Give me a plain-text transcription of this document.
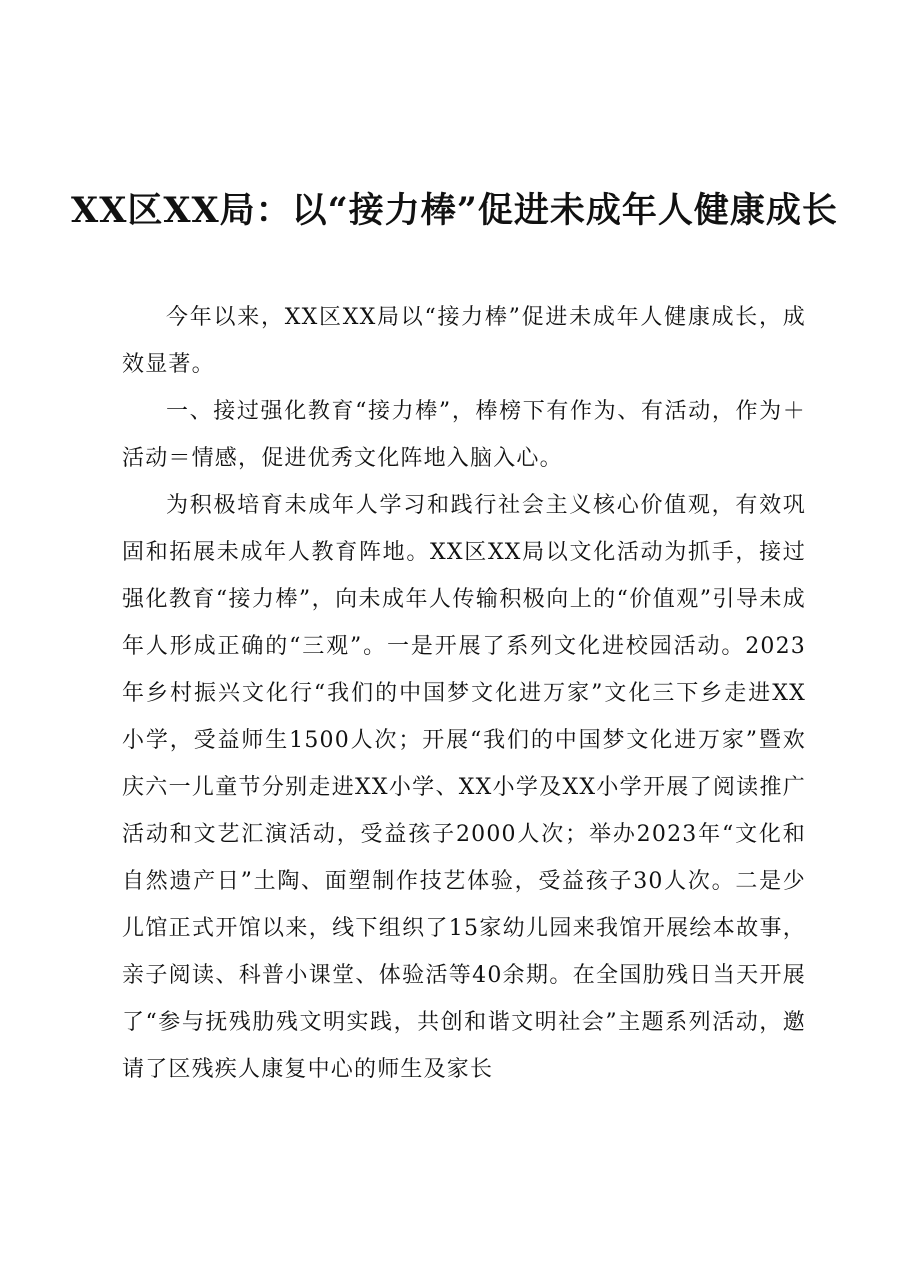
XX区XX局：以“接力棒”促进未成年人健康成长

今年以来，XX区XX局以“接力棒”促进未成年人健康成长，成效显著。

一、接过强化教育“接力棒”，棒榜下有作为、有活动，作为＋活动＝情感，促进优秀文化阵地入脑入心。

为积极培育未成年人学习和践行社会主义核心价值观，有效巩固和拓展未成年人教育阵地。XX区XX局以文化活动为抓手，接过强化教育“接力棒”，向未成年人传输积极向上的“价值观”引导未成年人形成正确的“三观”。一是开展了系列文化进校园活动。2023年乡村振兴文化行“我们的中国梦文化进万家”文化三下乡走进XX小学，受益师生1500人次；开展“我们的中国梦文化进万家”暨欢庆六一儿童节分别走进XX小学、XX小学及XX小学开展了阅读推广活动和文艺汇演活动，受益孩子2000人次；举办2023年“文化和自然遗产日”土陶、面塑制作技艺体验，受益孩子30人次。二是少儿馆正式开馆以来，线下组织了15家幼儿园来我馆开展绘本故事，亲子阅读、科普小课堂、体验活等40余期。在全国肋残日当天开展了“参与抚残肋残文明实践，共创和谐文明社会”主题系列活动，邀请了区残疾人康复中心的师生及家长
